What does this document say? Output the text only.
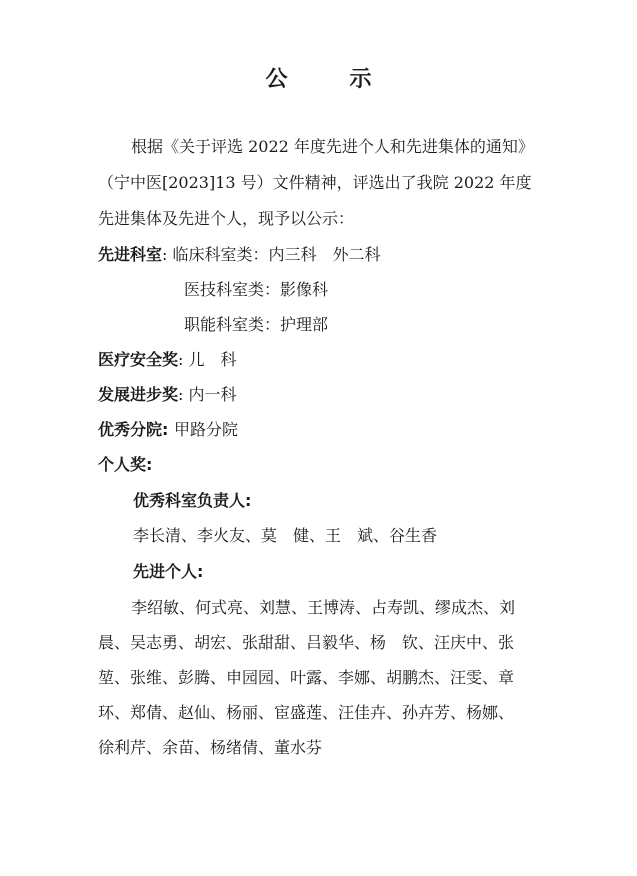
公　示

根据《关于评选 2022 年度先进个人和先进集体的通知》

（宁中医[2023]13 号）文件精神，评选出了我院 2022 年度

先进集体及先进个人，现予以公示：

先进科室: 临床科室类：内三科　外二科
医技科室类：影像科
职能科室类：护理部
医疗安全奖: 儿　科
发展进步奖: 内一科
优秀分院: 甲路分院
个人奖:
优秀科室负责人:
李长清、李火友、莫　健、王　斌、谷生香
先进个人:
李绍敏、何式亮、刘慧、王博涛、占寿凯、缪成杰、刘
晨、吴志勇、胡宏、张甜甜、吕毅华、杨　钦、汪庆中、张
堃、张维、彭腾、申园园、叶露、李娜、胡鹏杰、汪雯、章
环、郑倩、赵仙、杨丽、宦盛莲、汪佳卉、孙卉芳、杨娜、
徐利芹、余苗、杨绪倩、董水芬
